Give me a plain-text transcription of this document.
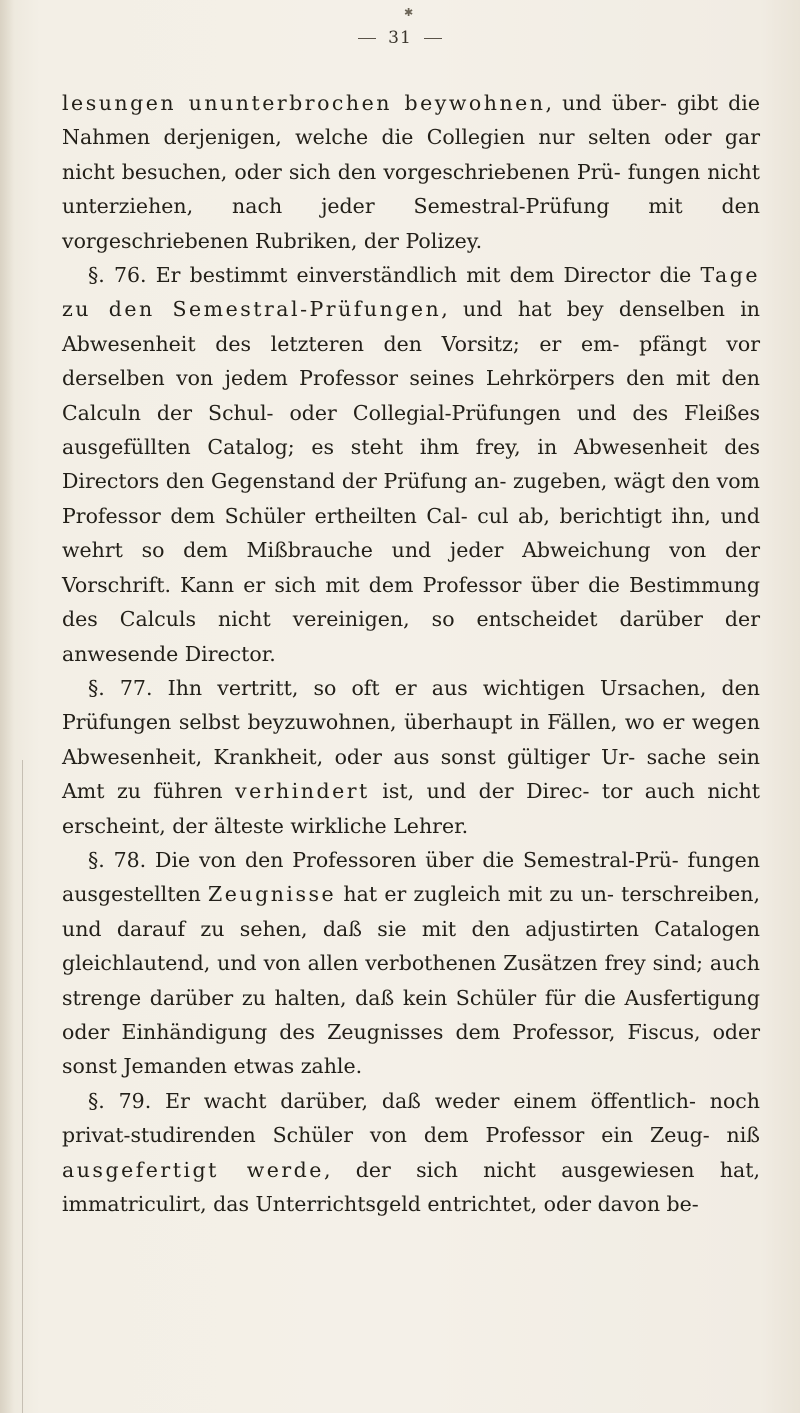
✱
31

lesungen ununterbrochen beywohnen, und über- gibt die Nahmen derjenigen, welche die Collegien nur selten oder gar nicht besuchen, oder sich den vorgeschriebenen Prü- fungen nicht unterziehen, nach jeder Semestral-Prüfung mit den vorgeschriebenen Rubriken, der Polizey.

§. 76. Er bestimmt einverständlich mit dem Director die Tage zu den Semestral-Prüfungen, und hat bey denselben in Abwesenheit des letzteren den Vorsitz; er em- pfängt vor derselben von jedem Professor seines Lehrkörpers den mit den Calculn der Schul- oder Collegial-Prüfungen und des Fleißes ausgefüllten Catalog; es steht ihm frey, in Abwesenheit des Directors den Gegenstand der Prüfung an- zugeben, wägt den vom Professor dem Schüler ertheilten Cal- cul ab, berichtigt ihn, und wehrt so dem Mißbrauche und jeder Abweichung von der Vorschrift. Kann er sich mit dem Professor über die Bestimmung des Calculs nicht vereinigen, so entscheidet darüber der anwesende Director.

§. 77. Ihn vertritt, so oft er aus wichtigen Ursachen, den Prüfungen selbst beyzuwohnen, überhaupt in Fällen, wo er wegen Abwesenheit, Krankheit, oder aus sonst gültiger Ur- sache sein Amt zu führen verhindert ist, und der Direc- tor auch nicht erscheint, der älteste wirkliche Lehrer.

§. 78. Die von den Professoren über die Semestral-Prü- fungen ausgestellten Zeugnisse hat er zugleich mit zu un- terschreiben, und darauf zu sehen, daß sie mit den adjustirten Catalogen gleichlautend, und von allen verbothenen Zusätzen frey sind; auch strenge darüber zu halten, daß kein Schüler für die Ausfertigung oder Einhändigung des Zeugnisses dem Professor, Fiscus, oder sonst Jemanden etwas zahle.

§. 79. Er wacht darüber, daß weder einem öffentlich- noch privat-studirenden Schüler von dem Professor ein Zeug- niß ausgefertigt werde, der sich nicht ausgewiesen hat, immatriculirt, das Unterrichtsgeld entrichtet, oder davon be-
